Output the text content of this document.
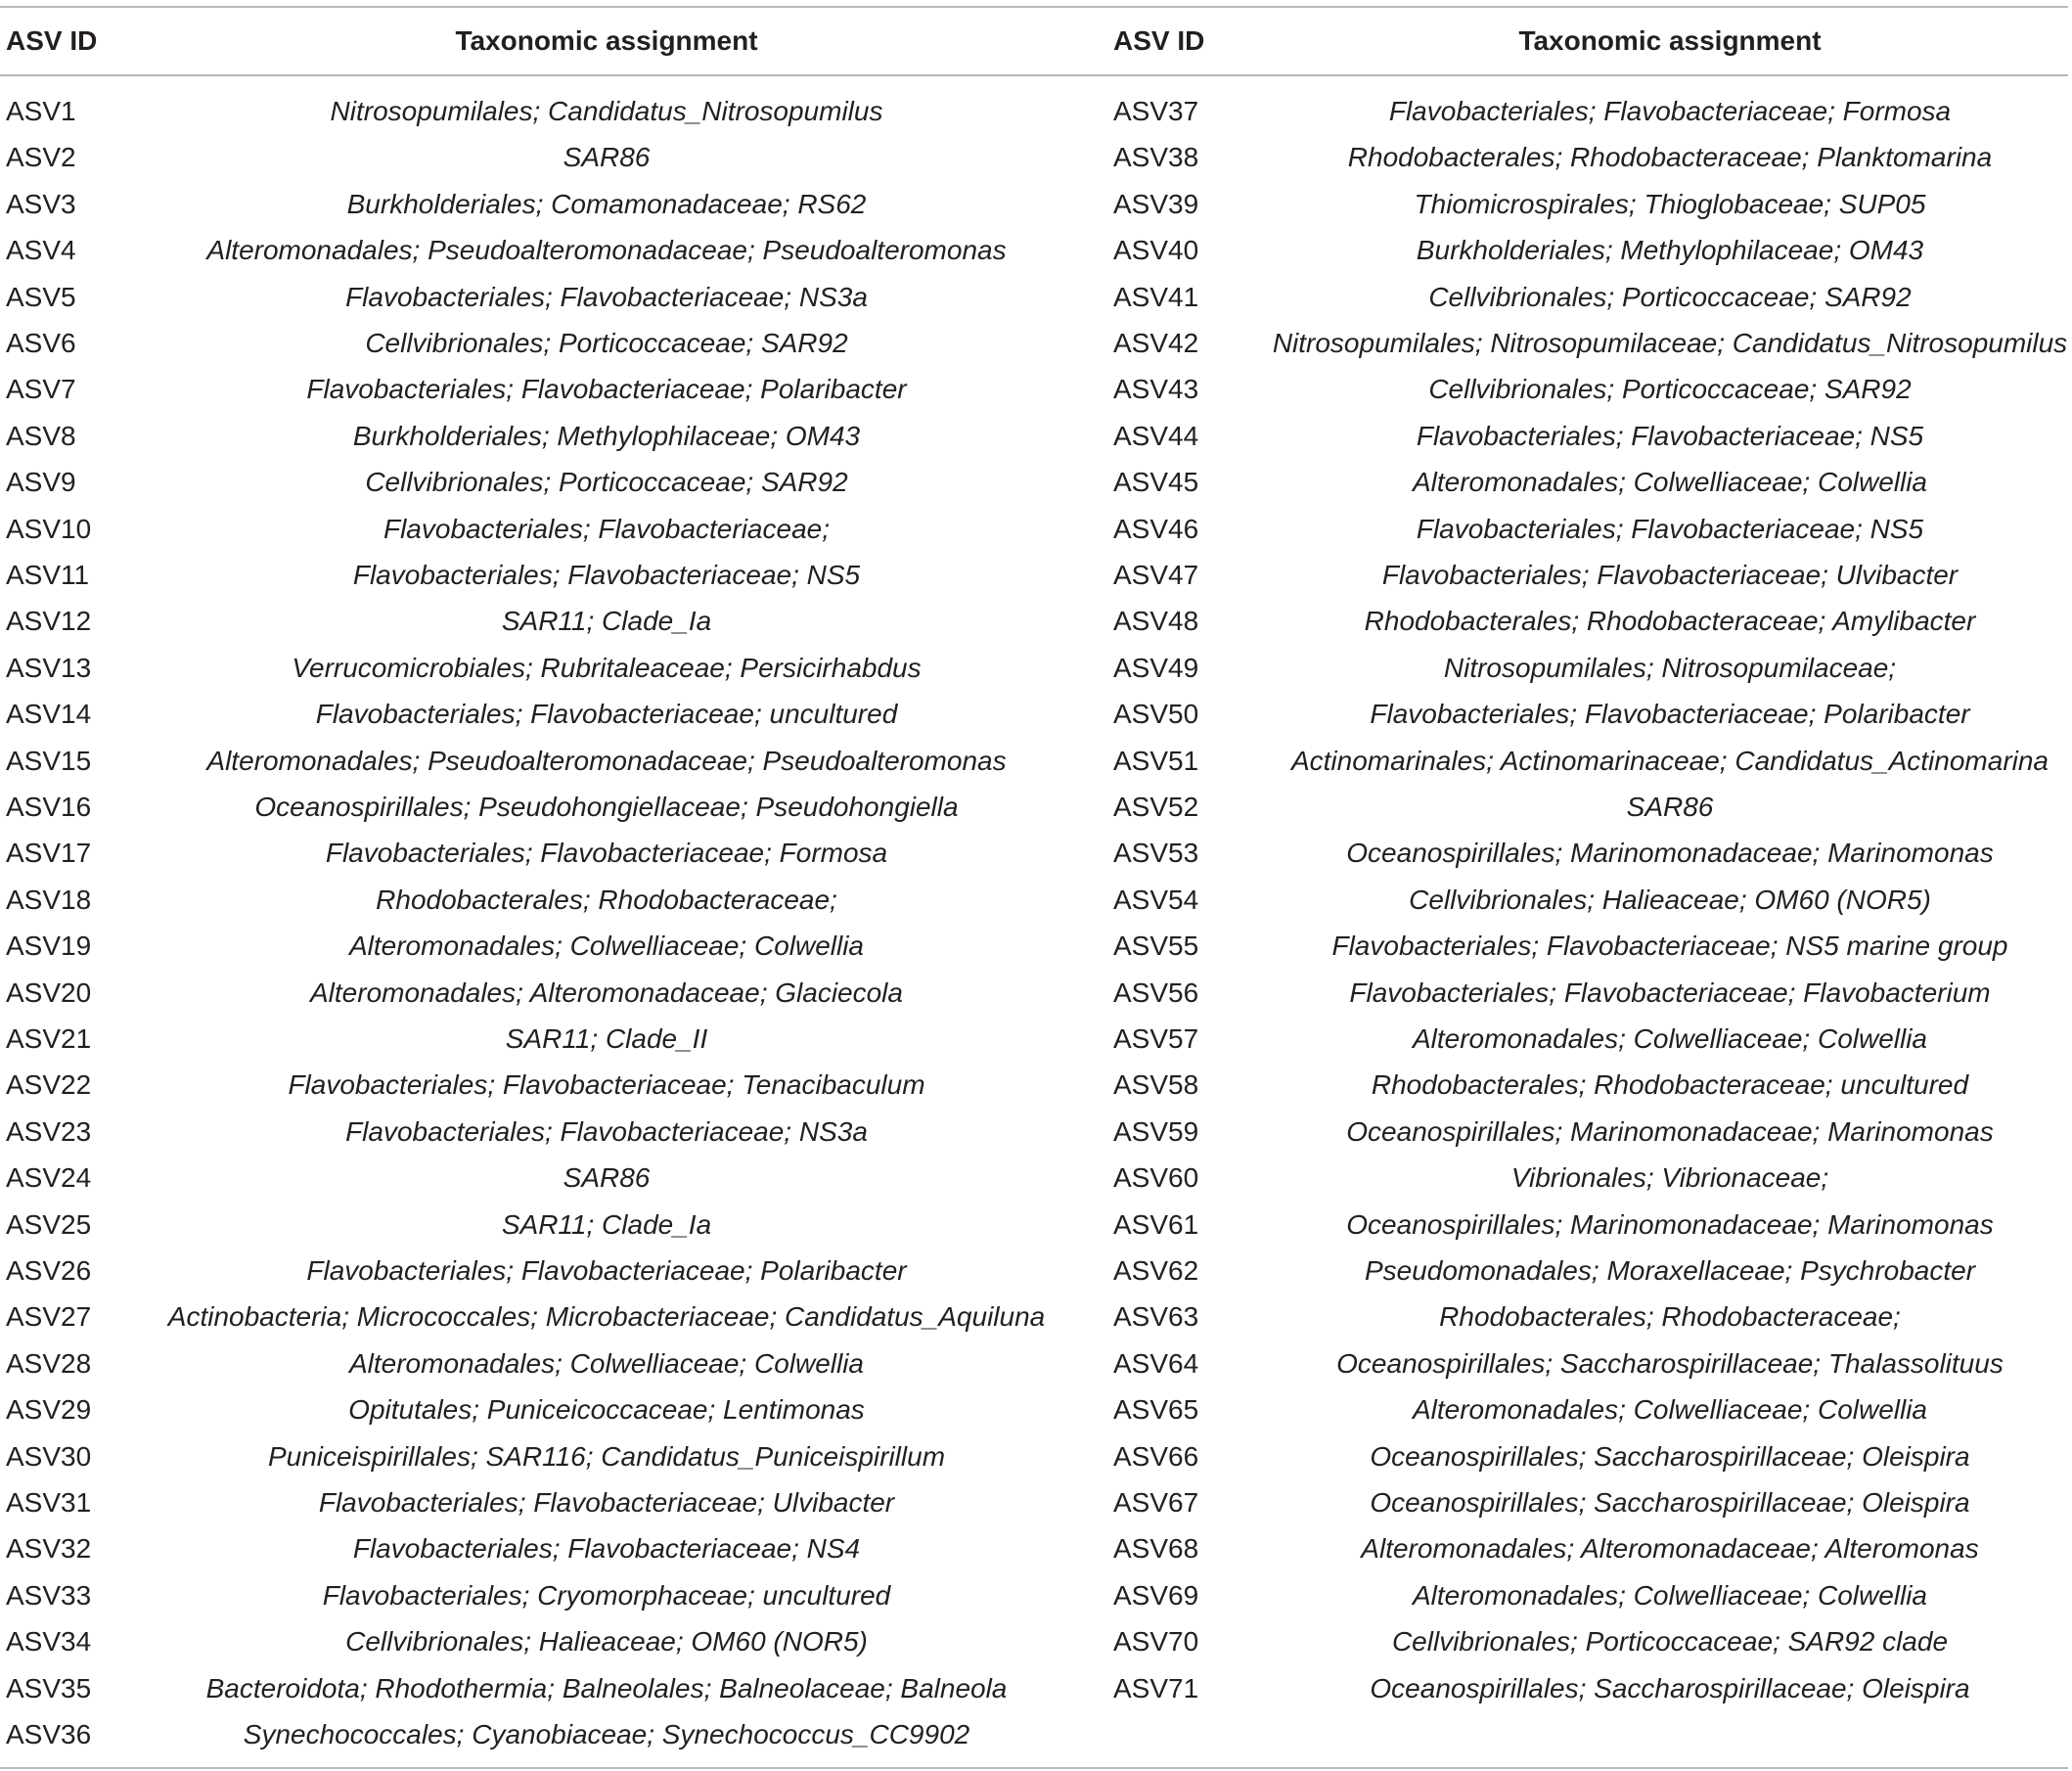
ASV ID	Taxonomic assignment	ASV ID	Taxonomic assignment
ASV1	Nitrosopumilales; Candidatus_Nitrosopumilus	ASV37	Flavobacteriales; Flavobacteriaceae; Formosa
ASV2	SAR86	ASV38	Rhodobacterales; Rhodobacteraceae; Planktomarina
ASV3	Burkholderiales; Comamonadaceae; RS62	ASV39	Thiomicrospirales; Thioglobaceae; SUP05
ASV4	Alteromonadales; Pseudoalteromonadaceae; Pseudoalteromonas	ASV40	Burkholderiales; Methylophilaceae; OM43
ASV5	Flavobacteriales; Flavobacteriaceae; NS3a	ASV41	Cellvibrionales; Porticoccaceae; SAR92
ASV6	Cellvibrionales; Porticoccaceae; SAR92	ASV42	Nitrosopumilales; Nitrosopumilaceae; Candidatus_Nitrosopumilus
ASV7	Flavobacteriales; Flavobacteriaceae; Polaribacter	ASV43	Cellvibrionales; Porticoccaceae; SAR92
ASV8	Burkholderiales; Methylophilaceae; OM43	ASV44	Flavobacteriales; Flavobacteriaceae; NS5
ASV9	Cellvibrionales; Porticoccaceae; SAR92	ASV45	Alteromonadales; Colwelliaceae; Colwellia
ASV10	Flavobacteriales; Flavobacteriaceae;	ASV46	Flavobacteriales; Flavobacteriaceae; NS5
ASV11	Flavobacteriales; Flavobacteriaceae; NS5	ASV47	Flavobacteriales; Flavobacteriaceae; Ulvibacter
ASV12	SAR11; Clade_Ia	ASV48	Rhodobacterales; Rhodobacteraceae; Amylibacter
ASV13	Verrucomicrobiales; Rubritaleaceae; Persicirhabdus	ASV49	Nitrosopumilales; Nitrosopumilaceae;
ASV14	Flavobacteriales; Flavobacteriaceae; uncultured	ASV50	Flavobacteriales; Flavobacteriaceae; Polaribacter
ASV15	Alteromonadales; Pseudoalteromonadaceae; Pseudoalteromonas	ASV51	Actinomarinales; Actinomarinaceae; Candidatus_Actinomarina
ASV16	Oceanospirillales; Pseudohongiellaceae; Pseudohongiella	ASV52	SAR86
ASV17	Flavobacteriales; Flavobacteriaceae; Formosa	ASV53	Oceanospirillales; Marinomonadaceae; Marinomonas
ASV18	Rhodobacterales; Rhodobacteraceae;	ASV54	Cellvibrionales; Halieaceae; OM60 (NOR5)
ASV19	Alteromonadales; Colwelliaceae; Colwellia	ASV55	Flavobacteriales; Flavobacteriaceae; NS5 marine group
ASV20	Alteromonadales; Alteromonadaceae; Glaciecola	ASV56	Flavobacteriales; Flavobacteriaceae; Flavobacterium
ASV21	SAR11; Clade_II	ASV57	Alteromonadales; Colwelliaceae; Colwellia
ASV22	Flavobacteriales; Flavobacteriaceae; Tenacibaculum	ASV58	Rhodobacterales; Rhodobacteraceae; uncultured
ASV23	Flavobacteriales; Flavobacteriaceae; NS3a	ASV59	Oceanospirillales; Marinomonadaceae; Marinomonas
ASV24	SAR86	ASV60	Vibrionales; Vibrionaceae;
ASV25	SAR11; Clade_Ia	ASV61	Oceanospirillales; Marinomonadaceae; Marinomonas
ASV26	Flavobacteriales; Flavobacteriaceae; Polaribacter	ASV62	Pseudomonadales; Moraxellaceae; Psychrobacter
ASV27	Actinobacteria; Micrococcales; Microbacteriaceae; Candidatus_Aquiluna	ASV63	Rhodobacterales; Rhodobacteraceae;
ASV28	Alteromonadales; Colwelliaceae; Colwellia	ASV64	Oceanospirillales; Saccharospirillaceae; Thalassolituus
ASV29	Opitutales; Puniceicoccaceae; Lentimonas	ASV65	Alteromonadales; Colwelliaceae; Colwellia
ASV30	Puniceispirillales; SAR116; Candidatus_Puniceispirillum	ASV66	Oceanospirillales; Saccharospirillaceae; Oleispira
ASV31	Flavobacteriales; Flavobacteriaceae; Ulvibacter	ASV67	Oceanospirillales; Saccharospirillaceae; Oleispira
ASV32	Flavobacteriales; Flavobacteriaceae; NS4	ASV68	Alteromonadales; Alteromonadaceae; Alteromonas
ASV33	Flavobacteriales; Cryomorphaceae; uncultured	ASV69	Alteromonadales; Colwelliaceae; Colwellia
ASV34	Cellvibrionales; Halieaceae; OM60 (NOR5)	ASV70	Cellvibrionales; Porticoccaceae; SAR92 clade
ASV35	Bacteroidota; Rhodothermia; Balneolales; Balneolaceae; Balneola	ASV71	Oceanospirillales; Saccharospirillaceae; Oleispira
ASV36	Synechococcales; Cyanobiaceae; Synechococcus_CC9902
